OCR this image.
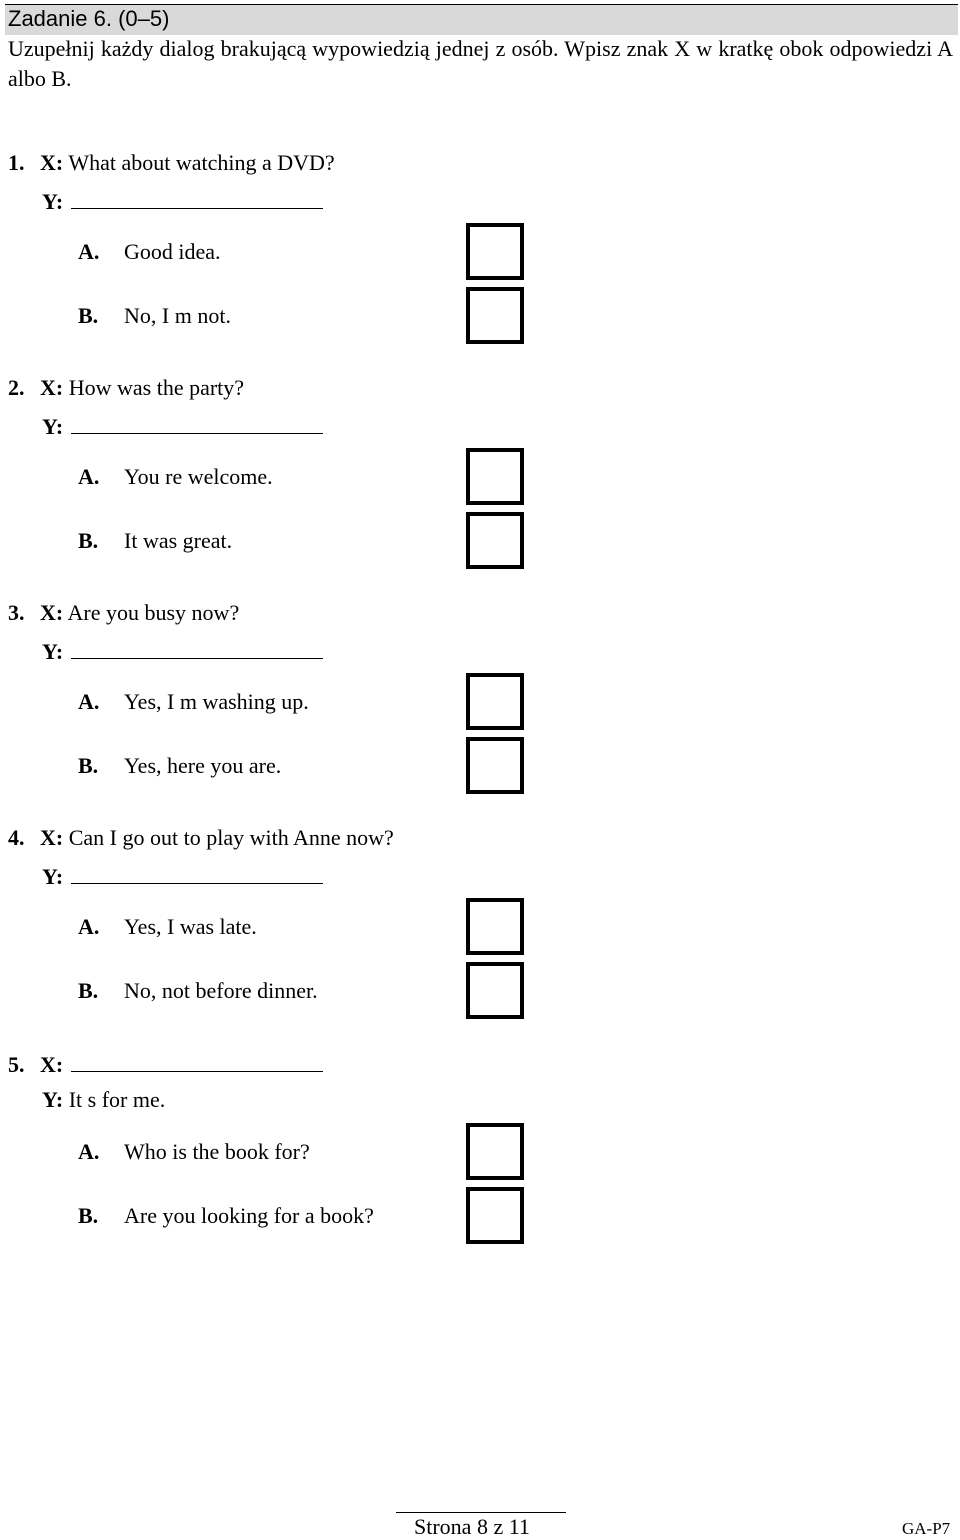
Zadanie 6. (0–5)
Uzupełnij każdy dialog brakującą wypowiedzią jednej z osób. Wpisz znak X w kratkę obok odpowiedzi A albo B.
1. X: What about watching a DVD?
Y:
A. Good idea.
B. No, I m not.
2. X: How was the party?
Y:
A. You re welcome.
B. It was great.
3. X: Are you busy now?
Y:
A. Yes, I m washing up.
B. Yes, here you are.
4. X: Can I go out to play with Anne now?
Y:
A. Yes, I was late.
B. No, not before dinner.
5. X:
Y: It s for me.
A. Who is the book for?
B. Are you looking for a book?
Strona 8 z 11	GA-P7
